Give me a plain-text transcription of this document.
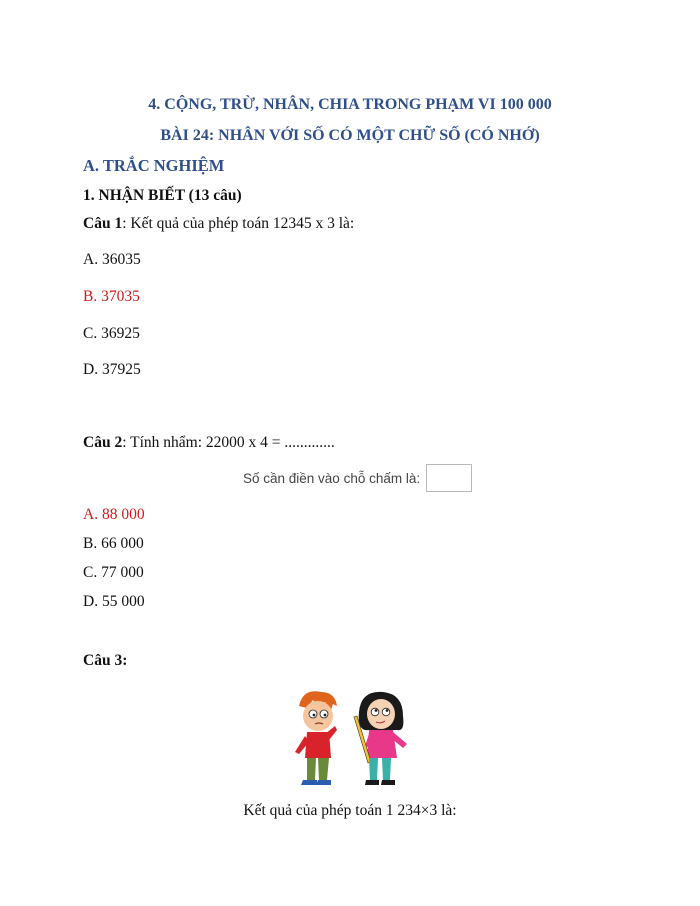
4. CỘNG, TRỪ, NHÂN, CHIA TRONG PHẠM VI 100 000
BÀI 24: NHÂN VỚI SỐ CÓ MỘT CHỮ SỐ (CÓ NHỚ)
A. TRẮC NGHIỆM
1. NHẬN BIẾT (13 câu)
Câu 1: Kết quả của phép toán 12345 x 3 là:
A. 36035
B. 37035
C. 36925
D. 37925
Câu 2: Tính nhẩm: 22000 x 4 = .............
Số cần điền vào chỗ chấm là:
A. 88 000
B. 66 000
C. 77 000
D. 55 000
Câu 3:
Kết quả của phép toán 1 234×3 là:
